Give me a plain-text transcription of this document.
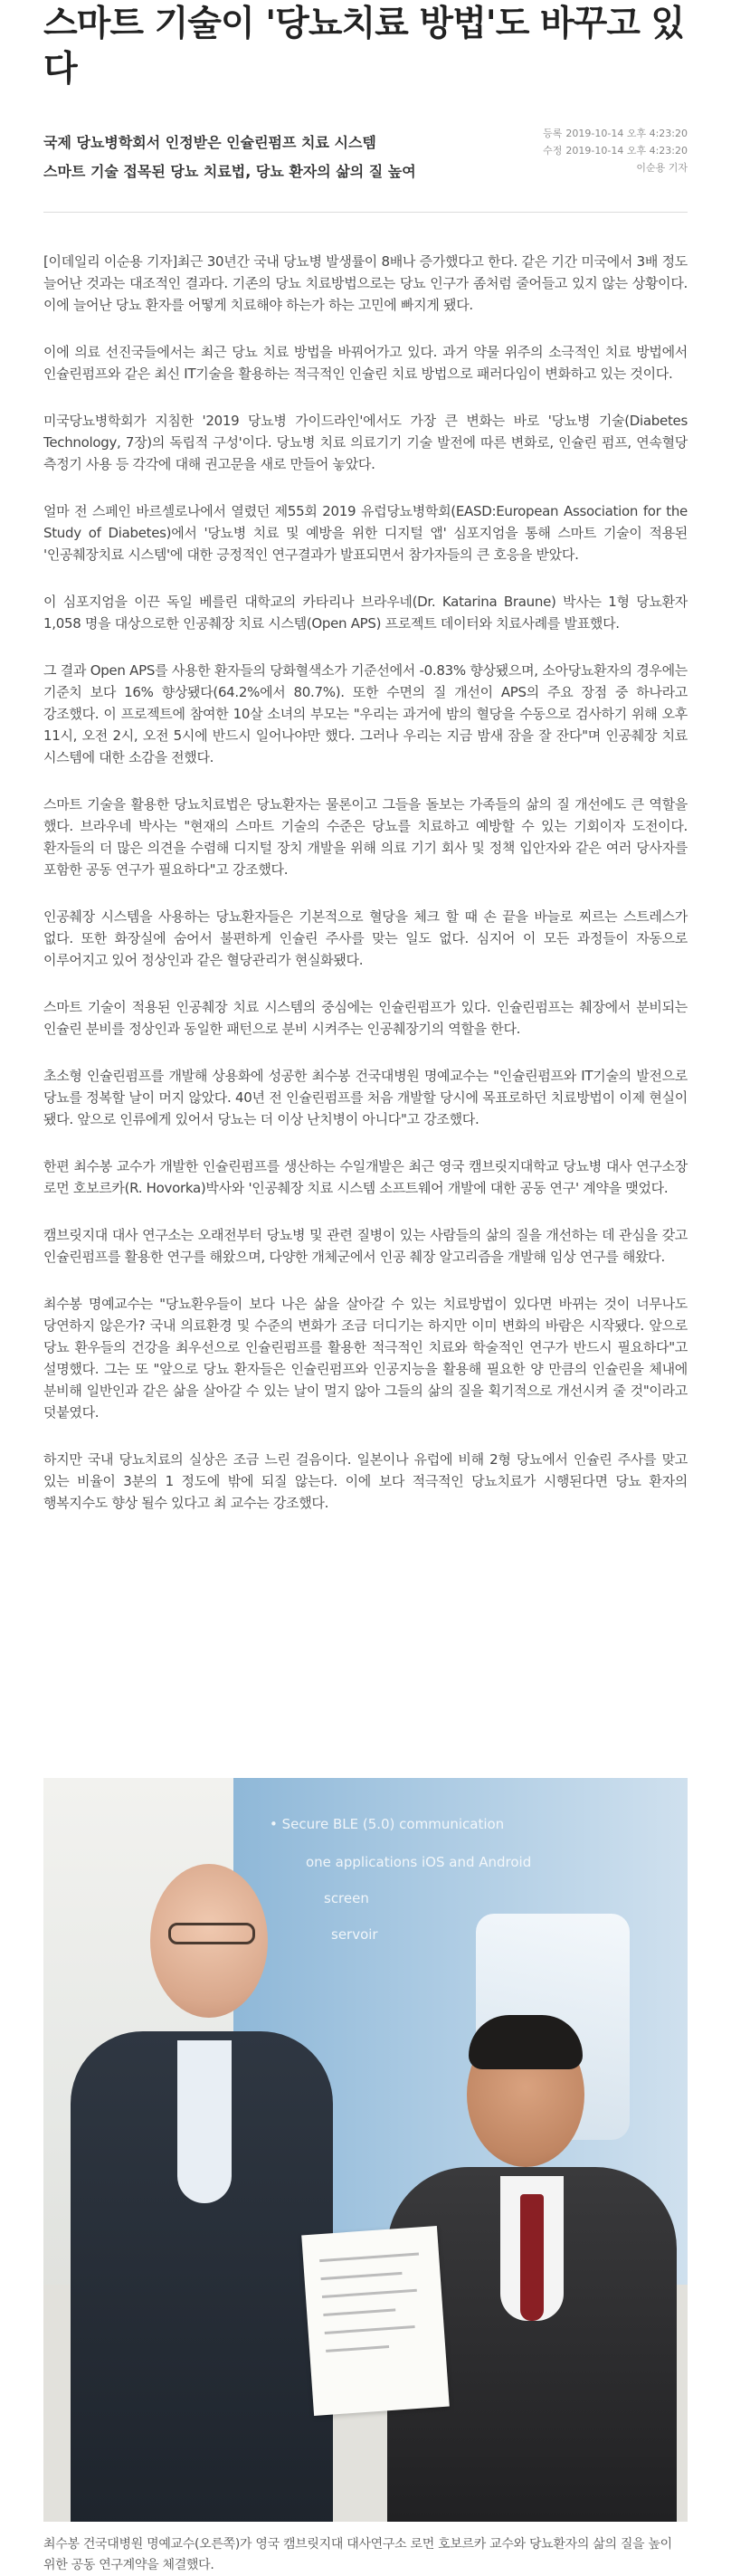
스마트 기술이 '당뇨치료 방법'도 바꾸고 있다

국제 당뇨병학회서 인정받은 인슐린펌프 치료 시스템

스마트 기술 접목된 당뇨 치료법, 당뇨 환자의 삶의 질 높여

등록 2019-10-14 오후 4:23:20
수정 2019-10-14 오후 4:23:20
이순용 기자

[이데일리 이순용 기자]최근 30년간 국내 당뇨병 발생률이 8배나 증가했다고 한다. 같은 기간 미국에서 3배 정도 늘어난 것과는 대조적인 결과다. 기존의 당뇨 치료방법으로는 당뇨 인구가 좀처럼 줄어들고 있지 않는 상황이다. 이에 늘어난 당뇨 환자를 어떻게 치료해야 하는가 하는 고민에 빠지게 됐다.

이에 의료 선진국들에서는 최근 당뇨 치료 방법을 바꿔어가고 있다. 과거 약물 위주의 소극적인 치료 방법에서 인슐린펌프와 같은 최신 IT기술을 활용하는 적극적인 인슐린 치료 방법으로 패러다임이 변화하고 있는 것이다.

미국당뇨병학회가 지침한 '2019 당뇨병 가이드라인'에서도 가장 큰 변화는 바로 '당뇨병 기술(Diabetes Technology, 7장)의 독립적 구성'이다. 당뇨병 치료 의료기기 기술 발전에 따른 변화로, 인슐린 펌프, 연속혈당 측정기 사용 등 각각에 대해 권고문을 새로 만들어 놓았다.

얼마 전 스페인 바르셀로나에서 열렸던 제55회 2019 유럽당뇨병학회(EASD:European Association for the Study of Diabetes)에서 '당뇨병 치료 및 예방을 위한 디지털 앱' 심포지엄을 통해 스마트 기술이 적용된 '인공췌장치료 시스템'에 대한 긍정적인 연구결과가 발표되면서 참가자들의 큰 호응을 받았다.

이 심포지엄을 이끈 독일 베를린 대학교의 카타리나 브라우네(Dr. Katarina Braune) 박사는 1형 당뇨환자 1,058 명을 대상으로한 인공췌장 치료 시스템(Open APS) 프로젝트 데이터와 치료사례를 발표했다.

그 결과 Open APS를 사용한 환자들의 당화혈색소가 기준선에서 -0.83% 향상됐으며, 소아당뇨환자의 경우에는 기준치 보다 16% 향상됐다(64.2%에서 80.7%). 또한 수면의 질 개선이 APS의 주요 장점 중 하나라고 강조했다. 이 프로젝트에 참여한 10살 소녀의 부모는 "우리는 과거에 밤의 혈당을 수동으로 검사하기 위해 오후 11시, 오전 2시, 오전 5시에 반드시 일어나야만 했다. 그러나 우리는 지금 밤새 잠을 잘 잔다"며 인공췌장 치료 시스템에 대한 소감을 전했다.

스마트 기술을 활용한 당뇨치료법은 당뇨환자는 물론이고 그들을 돌보는 가족들의 삶의 질 개선에도 큰 역할을 했다. 브라우네 박사는 "현재의 스마트 기술의 수준은 당뇨를 치료하고 예방할 수 있는 기회이자 도전이다. 환자들의 더 많은 의견을 수렴해 디지털 장치 개발을 위해 의료 기기 회사 및 정책 입안자와 같은 여러 당사자를 포함한 공동 연구가 필요하다"고 강조했다.

인공췌장 시스템을 사용하는 당뇨환자들은 기본적으로 혈당을 체크 할 때 손 끝을 바늘로 찌르는 스트레스가 없다. 또한 화장실에 숨어서 불편하게 인슐린 주사를 맞는 일도 없다. 심지어 이 모든 과정들이 자동으로 이루어지고 있어 정상인과 같은 혈당관리가 현실화됐다.

스마트 기술이 적용된 인공췌장 치료 시스템의 중심에는 인슐린펌프가 있다. 인슐린펌프는 췌장에서 분비되는 인슐린 분비를 정상인과 동일한 패턴으로 분비 시켜주는 인공췌장기의 역할을 한다.

초소형 인슐린펌프를 개발해 상용화에 성공한 최수봉 건국대병원 명예교수는 "인슐린펌프와 IT기술의 발전으로 당뇨를 정복할 날이 머지 않았다. 40년 전 인슐린펌프를 처음 개발할 당시에 목표로하던 치료방법이 이제 현실이 됐다. 앞으로 인류에게 있어서 당뇨는 더 이상 난치병이 아니다"고 강조했다.

한편 최수봉 교수가 개발한 인슐린펌프를 생산하는 수일개발은 최근 영국 캠브릿지대학교 당뇨병 대사 연구소장 로먼 호보르카(R. Hovorka)박사와 '인공췌장 치료 시스템 소프트웨어 개발에 대한 공동 연구' 계약을 맺었다.

캠브릿지대 대사 연구소는 오래전부터 당뇨병 및 관련 질병이 있는 사람들의 삶의 질을 개선하는 데 관심을 갖고 인슐린펌프를 활용한 연구를 해왔으며, 다양한 개체군에서 인공 췌장 알고리즘을 개발해 임상 연구를 해왔다.

최수봉 명예교수는 "당뇨환우들이 보다 나은 삶을 살아갈 수 있는 치료방법이 있다면 바뀌는 것이 너무나도 당연하지 않은가? 국내 의료환경 및 수준의 변화가 조금 더디기는 하지만 이미 변화의 바람은 시작됐다. 앞으로 당뇨 환우들의 건강을 최우선으로 인슐린펌프를 활용한 적극적인 치료와 학술적인 연구가 반드시 필요하다"고 설명했다. 그는 또 "앞으로 당뇨 환자들은 인슐린펌프와 인공지능을 활용해 필요한 양 만큼의 인슐린을 체내에 분비해 일반인과 같은 삶을 살아갈 수 있는 날이 멀지 않아 그들의 삶의 질을 획기적으로 개선시켜 줄 것"이라고 덧붙였다.

하지만 국내 당뇨치료의 실상은 조금 느린 걸음이다. 일본이나 유럽에 비해 2형 당뇨에서 인슐린 주사를 맞고 있는 비율이 3분의 1 정도에 밖에 되질 않는다. 이에 보다 적극적인 당뇨치료가 시행된다면 당뇨 환자의 행복지수도 향상 될수 있다고 최 교수는 강조했다.

• Secure BLE (5.0) communication
one applications iOS and Android
screen
servoir

최수봉 건국대병원 명예교수(오른쪽)가 영국 캠브릿지대 대사연구소 로먼 호보르카 교수와 당뇨환자의 삶의 질을 높이 위한 공동 연구계약을 체결했다.
